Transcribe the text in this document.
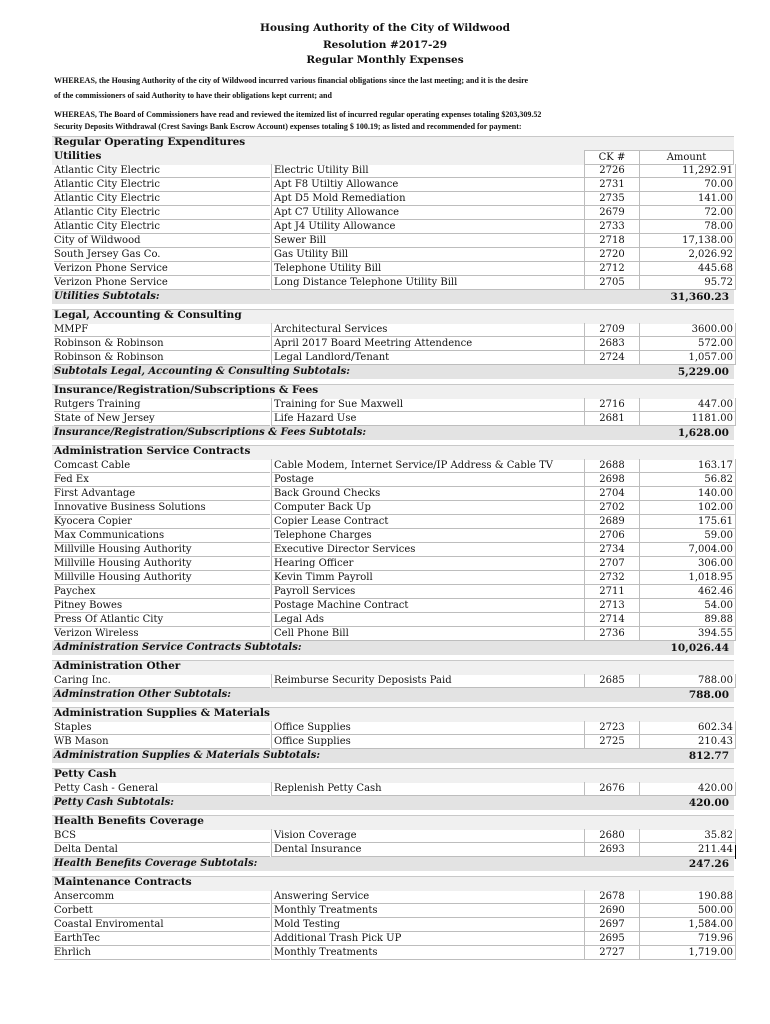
Housing Authority of the City of Wildwood
Resolution #2017-29
Regular Monthly Expenses
WHEREAS, the Housing Authority of the city of Wildwood incurred various financial obligations since the last meeting; and it is the desire
of the commissioners of said Authority to have their obligations kept current; and
WHEREAS, The Board of Commissioners have read and reviewed the itemized list of incurred regular operating expenses totaling $203,309.52
Security Deposits Withdrawal (Crest Savings Bank Escrow Account) expenses totaling $ 100.19; as listed and recommended for payment:
Regular Operating Expenditures
Utilities	CK #	Amount
Atlantic City Electric	Electric Utility Bill	2726	11,292.91
Atlantic City Electric	Apt F8 Utiltiy Allowance	2731	70.00
Atlantic City Electric	Apt D5 Mold Remediation	2735	141.00
Atlantic City Electric	Apt C7 Utility Allowance	2679	72.00
Atlantic City Electric	Apt J4 Utility Allowance	2733	78.00
City of Wildwood	Sewer Bill	2718	17,138.00
South Jersey Gas Co.	Gas Utility Bill	2720	2,026.92
Verizon Phone Service	Telephone Utility Bill	2712	445.68
Verizon Phone Service	Long Distance Telephone Utility Bill	2705	95.72
Utilities Subtotals:	31,360.23
Legal, Accounting & Consulting
MMPF	Architectural Services	2709	3600.00
Robinson & Robinson	April 2017 Board Meetring Attendence	2683	572.00
Robinson & Robinson	Legal Landlord/Tenant	2724	1,057.00
Subtotals Legal, Accounting & Consulting Subtotals:	5,229.00
Insurance/Registration/Subscriptions & Fees
Rutgers Training	Training for Sue Maxwell	2716	447.00
State of New Jersey	Life Hazard Use	2681	1181.00
Insurance/Registration/Subscriptions & Fees Subtotals:	1,628.00
Administration Service Contracts
Comcast Cable	Cable Modem, Internet Service/IP Address & Cable TV	2688	163.17
Fed Ex	Postage	2698	56.82
First Advantage	Back Ground Checks	2704	140.00
Innovative Business Solutions	Computer Back Up	2702	102.00
Kyocera Copier	Copier Lease Contract	2689	175.61
Max Communications	Telephone Charges	2706	59.00
Millville Housing Authority	Executive Director Services	2734	7,004.00
Millville Housing Authority	Hearing Officer	2707	306.00
Millville Housing Authority	Kevin Timm Payroll	2732	1,018.95
Paychex	Payroll Services	2711	462.46
Pitney Bowes	Postage Machine Contract	2713	54.00
Press Of Atlantic City	Legal Ads	2714	89.88
Verizon Wireless	Cell Phone Bill	2736	394.55
Administration Service Contracts Subtotals:	10,026.44
Administration Other
Caring Inc.	Reimburse Security Deposists Paid	2685	788.00
Adminstration Other Subtotals:	788.00
Administration Supplies & Materials
Staples	Office Supplies	2723	602.34
WB Mason	Office Supplies	2725	210.43
Administration Supplies & Materials Subtotals:	812.77
Petty Cash
Petty Cash - General	Replenish Petty Cash	2676	420.00
Petty Cash Subtotals:	420.00
Health Benefits Coverage
BCS	Vision Coverage	2680	35.82
Delta Dental	Dental Insurance	2693	211.44
Health Benefits Coverage Subtotals:	247.26
Maintenance Contracts
Ansercomm	Answering Service	2678	190.88
Corbett	Monthly Treatments	2690	500.00
Coastal Enviromental	Mold Testing	2697	1,584.00
EarthTec	Additional Trash Pick UP	2695	719.96
Ehrlich	Monthly Treatments	2727	1,719.00
